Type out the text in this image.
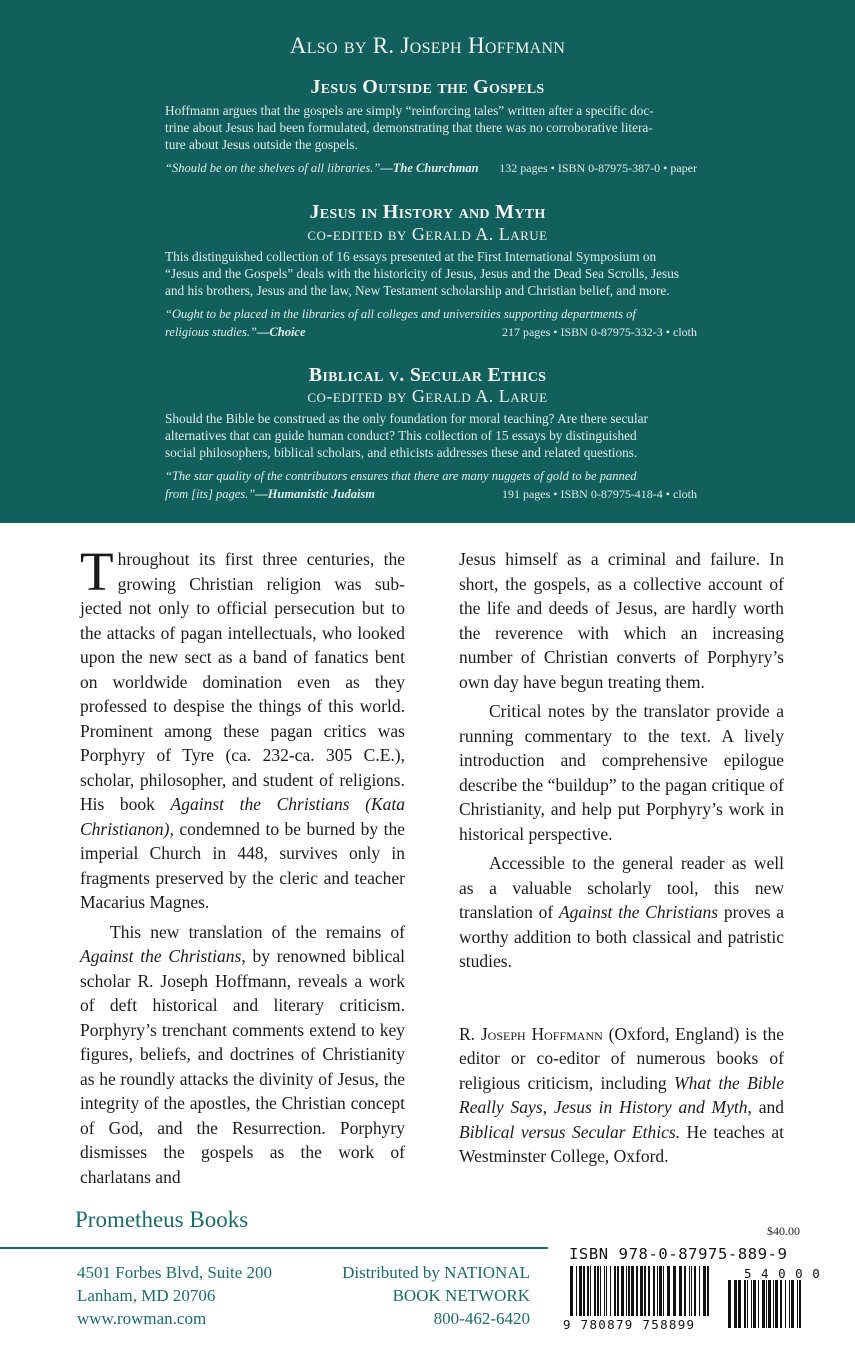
Also by R. Joseph Hoffmann
Jesus Outside the Gospels
Hoffmann argues that the gospels are simply “reinforcing tales” written after a specific doc-
trine about Jesus had been formulated, demonstrating that there was no corroborative litera-
ture about Jesus outside the gospels.
“Should be on the shelves of all libraries.”—The Churchman 132 pages • ISBN 0-87975-387-0 • paper
Jesus in History and Myth
co-edited by Gerald A. Larue
This distinguished collection of 16 essays presented at the First International Symposium on
“Jesus and the Gospels” deals with the historicity of Jesus, Jesus and the Dead Sea Scrolls, Jesus
and his brothers, Jesus and the law, New Testament scholarship and Christian belief, and more.
“Ought to be placed in the libraries of all colleges and universities supporting departments of
religious studies.”—Choice	217 pages • ISBN 0-87975-332-3 • cloth
Biblical v. Secular Ethics
co-edited by Gerald A. Larue
Should the Bible be construed as the only foundation for moral teaching? Are there secular
alternatives that can guide human conduct? This collection of 15 essays by distinguished
social philosophers, biblical scholars, and ethicists addresses these and related questions.
“The star quality of the contributors ensures that there are many nuggets of gold to be panned
from [its] pages.”—Humanistic Judaism	191 pages • ISBN 0-87975-418-4 • cloth

Throughout its first three centuries, the growing Christian religion was subjected not only to official persecution but to the attacks of pagan intellectuals, who looked upon the new sect as a band of fanatics bent on worldwide domination even as they professed to despise the things of this world. Prominent among these pagan critics was Porphyry of Tyre (ca. 232-ca. 305 C.E.), scholar, philosopher, and student of religions. His book Against the Christians (Kata Christianon), condemned to be burned by the imperial Church in 448, survives only in fragments preserved by the cleric and teacher Macarius Magnes.

This new translation of the remains of Against the Christians, by renowned biblical scholar R. Joseph Hoffmann, reveals a work of deft historical and literary criticism. Porphyry’s trenchant comments extend to key figures, beliefs, and doctrines of Christianity as he roundly attacks the divinity of Jesus, the integrity of the apostles, the Christian concept of God, and the Resurrection. Porphyry dismisses the gospels as the work of charlatans and

Jesus himself as a criminal and failure. In short, the gospels, as a collective account of the life and deeds of Jesus, are hardly worth the reverence with which an increasing number of Christian converts of Porphyry’s own day have begun treating them.

Critical notes by the translator provide a running commentary to the text. A lively introduction and comprehensive epilogue describe the “buildup” to the pagan critique of Christianity, and help put Porphyry’s work in historical perspective.

Accessible to the general reader as well as a valuable scholarly tool, this new translation of Against the Christians proves a worthy addition to both classical and patristic studies.

R. Joseph Hoffmann (Oxford, England) is the editor or co-editor of numerous books of religious criticism, including What the Bible Really Says, Jesus in History and Myth, and Biblical versus Secular Ethics. He teaches at Westminster College, Oxford.

Prometheus Books
4501 Forbes Blvd, Suite 200
Lanham, MD 20706
www.rowman.com
Distributed by NATIONAL
BOOK NETWORK
800-462-6420
$40.00
ISBN 978-0-87975-889-9
9 780879 758899
5 4 0 0 0
